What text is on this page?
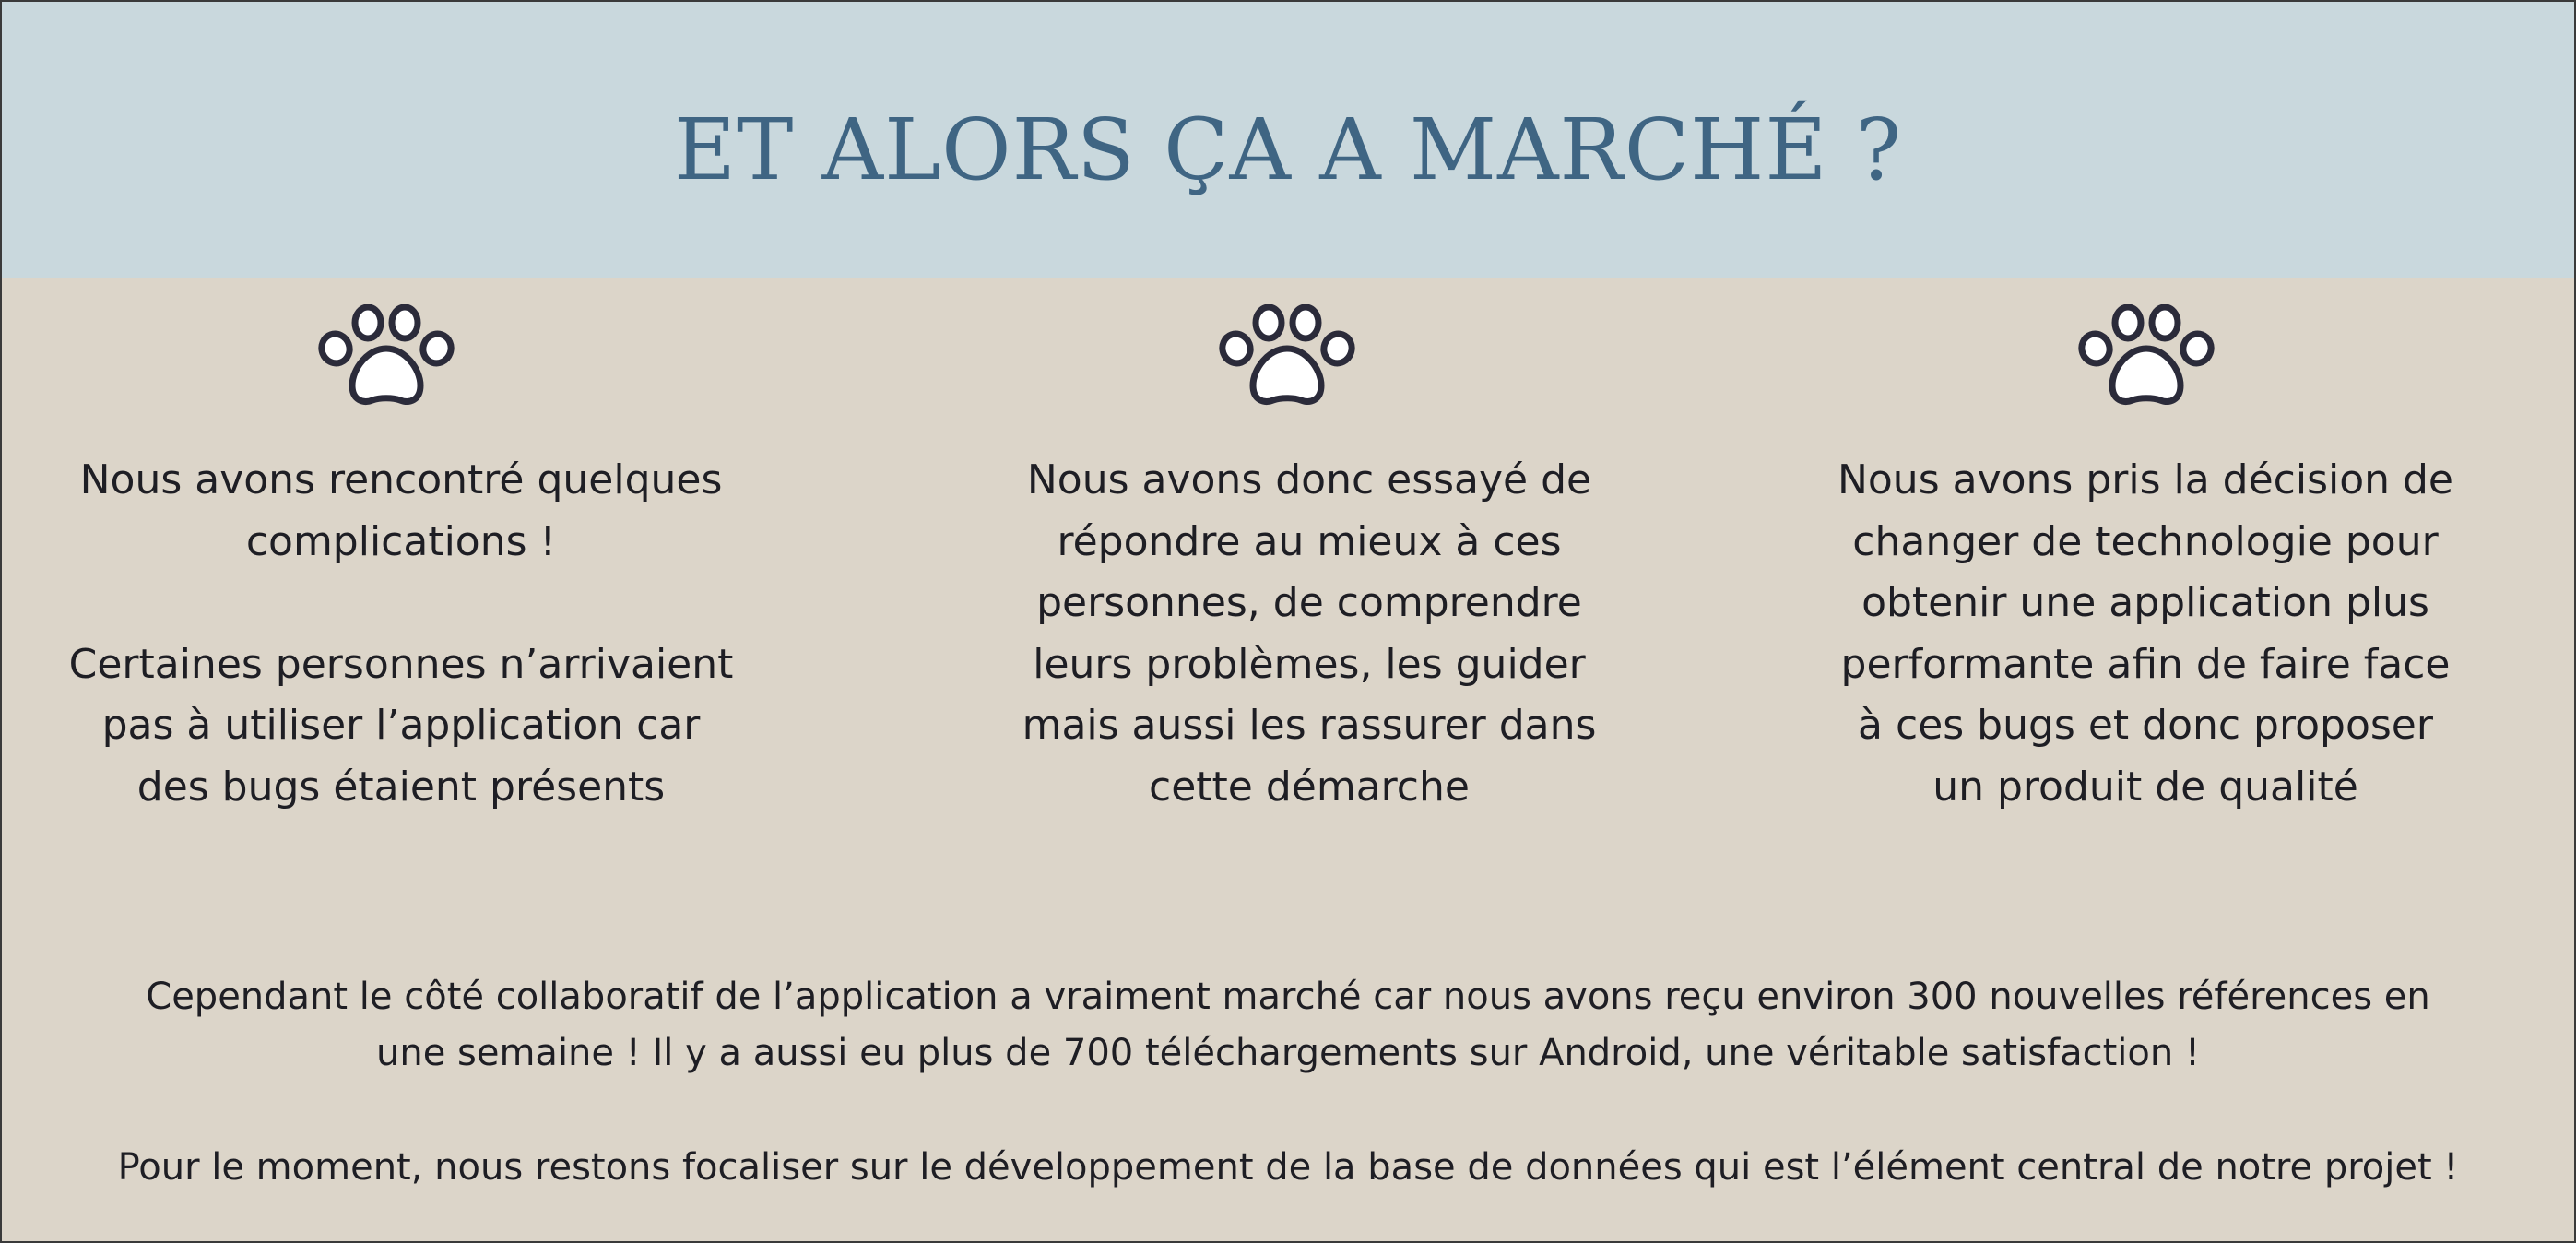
ET ALORS ÇA A MARCHÉ ?

Nous avons rencontré quelques

complications !

Certaines personnes n’arrivaient

pas à utiliser l’application car

des bugs étaient présents

Nous avons donc essayé de

répondre au mieux à ces

personnes, de comprendre

leurs problèmes, les guider

mais aussi les rassurer dans

cette démarche

Nous avons pris la décision de

changer de technologie pour

obtenir une application plus

performante afin de faire face

à ces bugs et donc proposer

un produit de qualité

Cependant le côté collaboratif de l’application a vraiment marché car nous avons reçu environ 300 nouvelles références en
une semaine ! Il y a aussi eu plus de 700 téléchargements sur Android, une véritable satisfaction !
Pour le moment, nous restons focaliser sur le développement de la base de données qui est l’élément central de notre projet !
